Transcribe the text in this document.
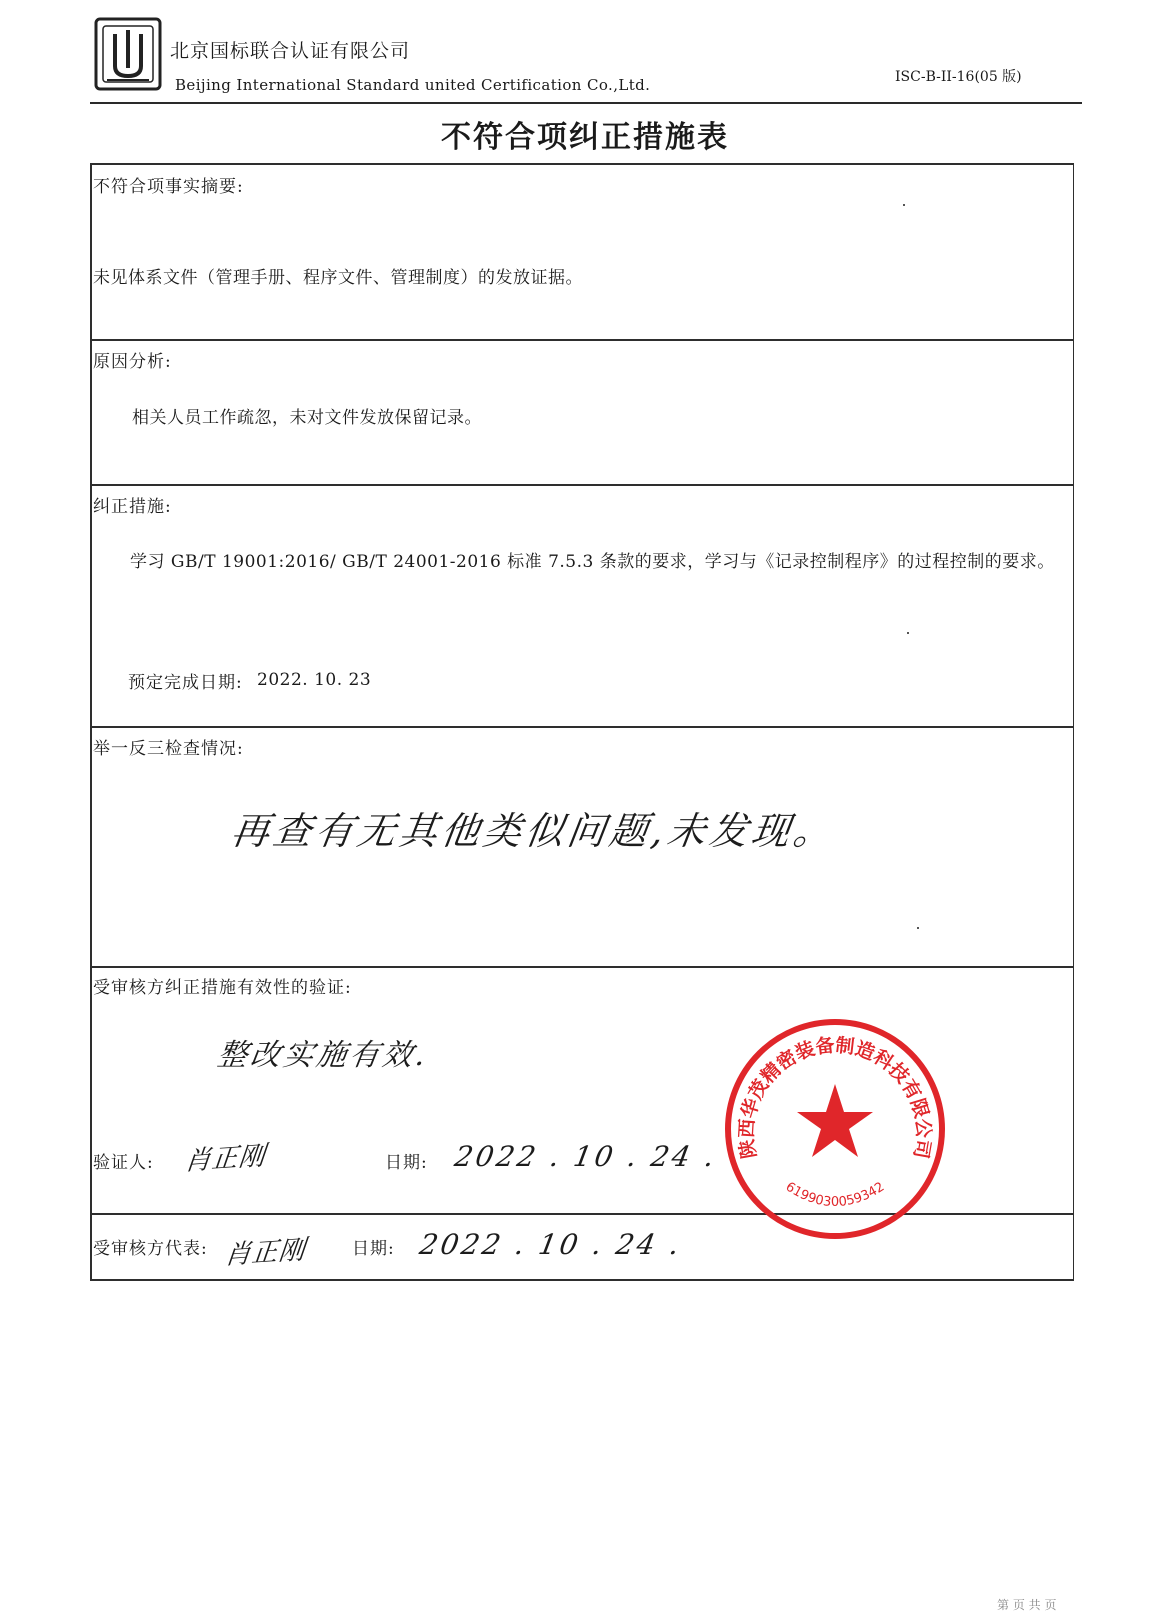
北京国标联合认证有限公司
Beijing International Standard united Certification Co.,Ltd.	ISC-B-II-16(05 版)
不符合项纠正措施表
不符合项事实摘要:
未见体系文件（管理手册、程序文件、管理制度）的发放证据。
原因分析:
相关人员工作疏忽，未对文件发放保留记录。
纠正措施:
学习 GB/T 19001:2016/ GB/T 24001-2016 标准 7.5.3 条款的要求，学习与《记录控制程序》的过程控制的要求。
预定完成日期: 2022. 10. 23
举一反三检查情况:
再查有无其他类似问题,未发现。
受审核方纠正措施有效性的验证:
整改实施有效.
验证人: 肖正刚	日期: 2022 . 10 . 24 . 陕西华茂精密装备制造科技有限公司
6199030059342
受审核方代表: 肖正刚	日期: 2022 . 10 . 24 .
第 页 共 页
